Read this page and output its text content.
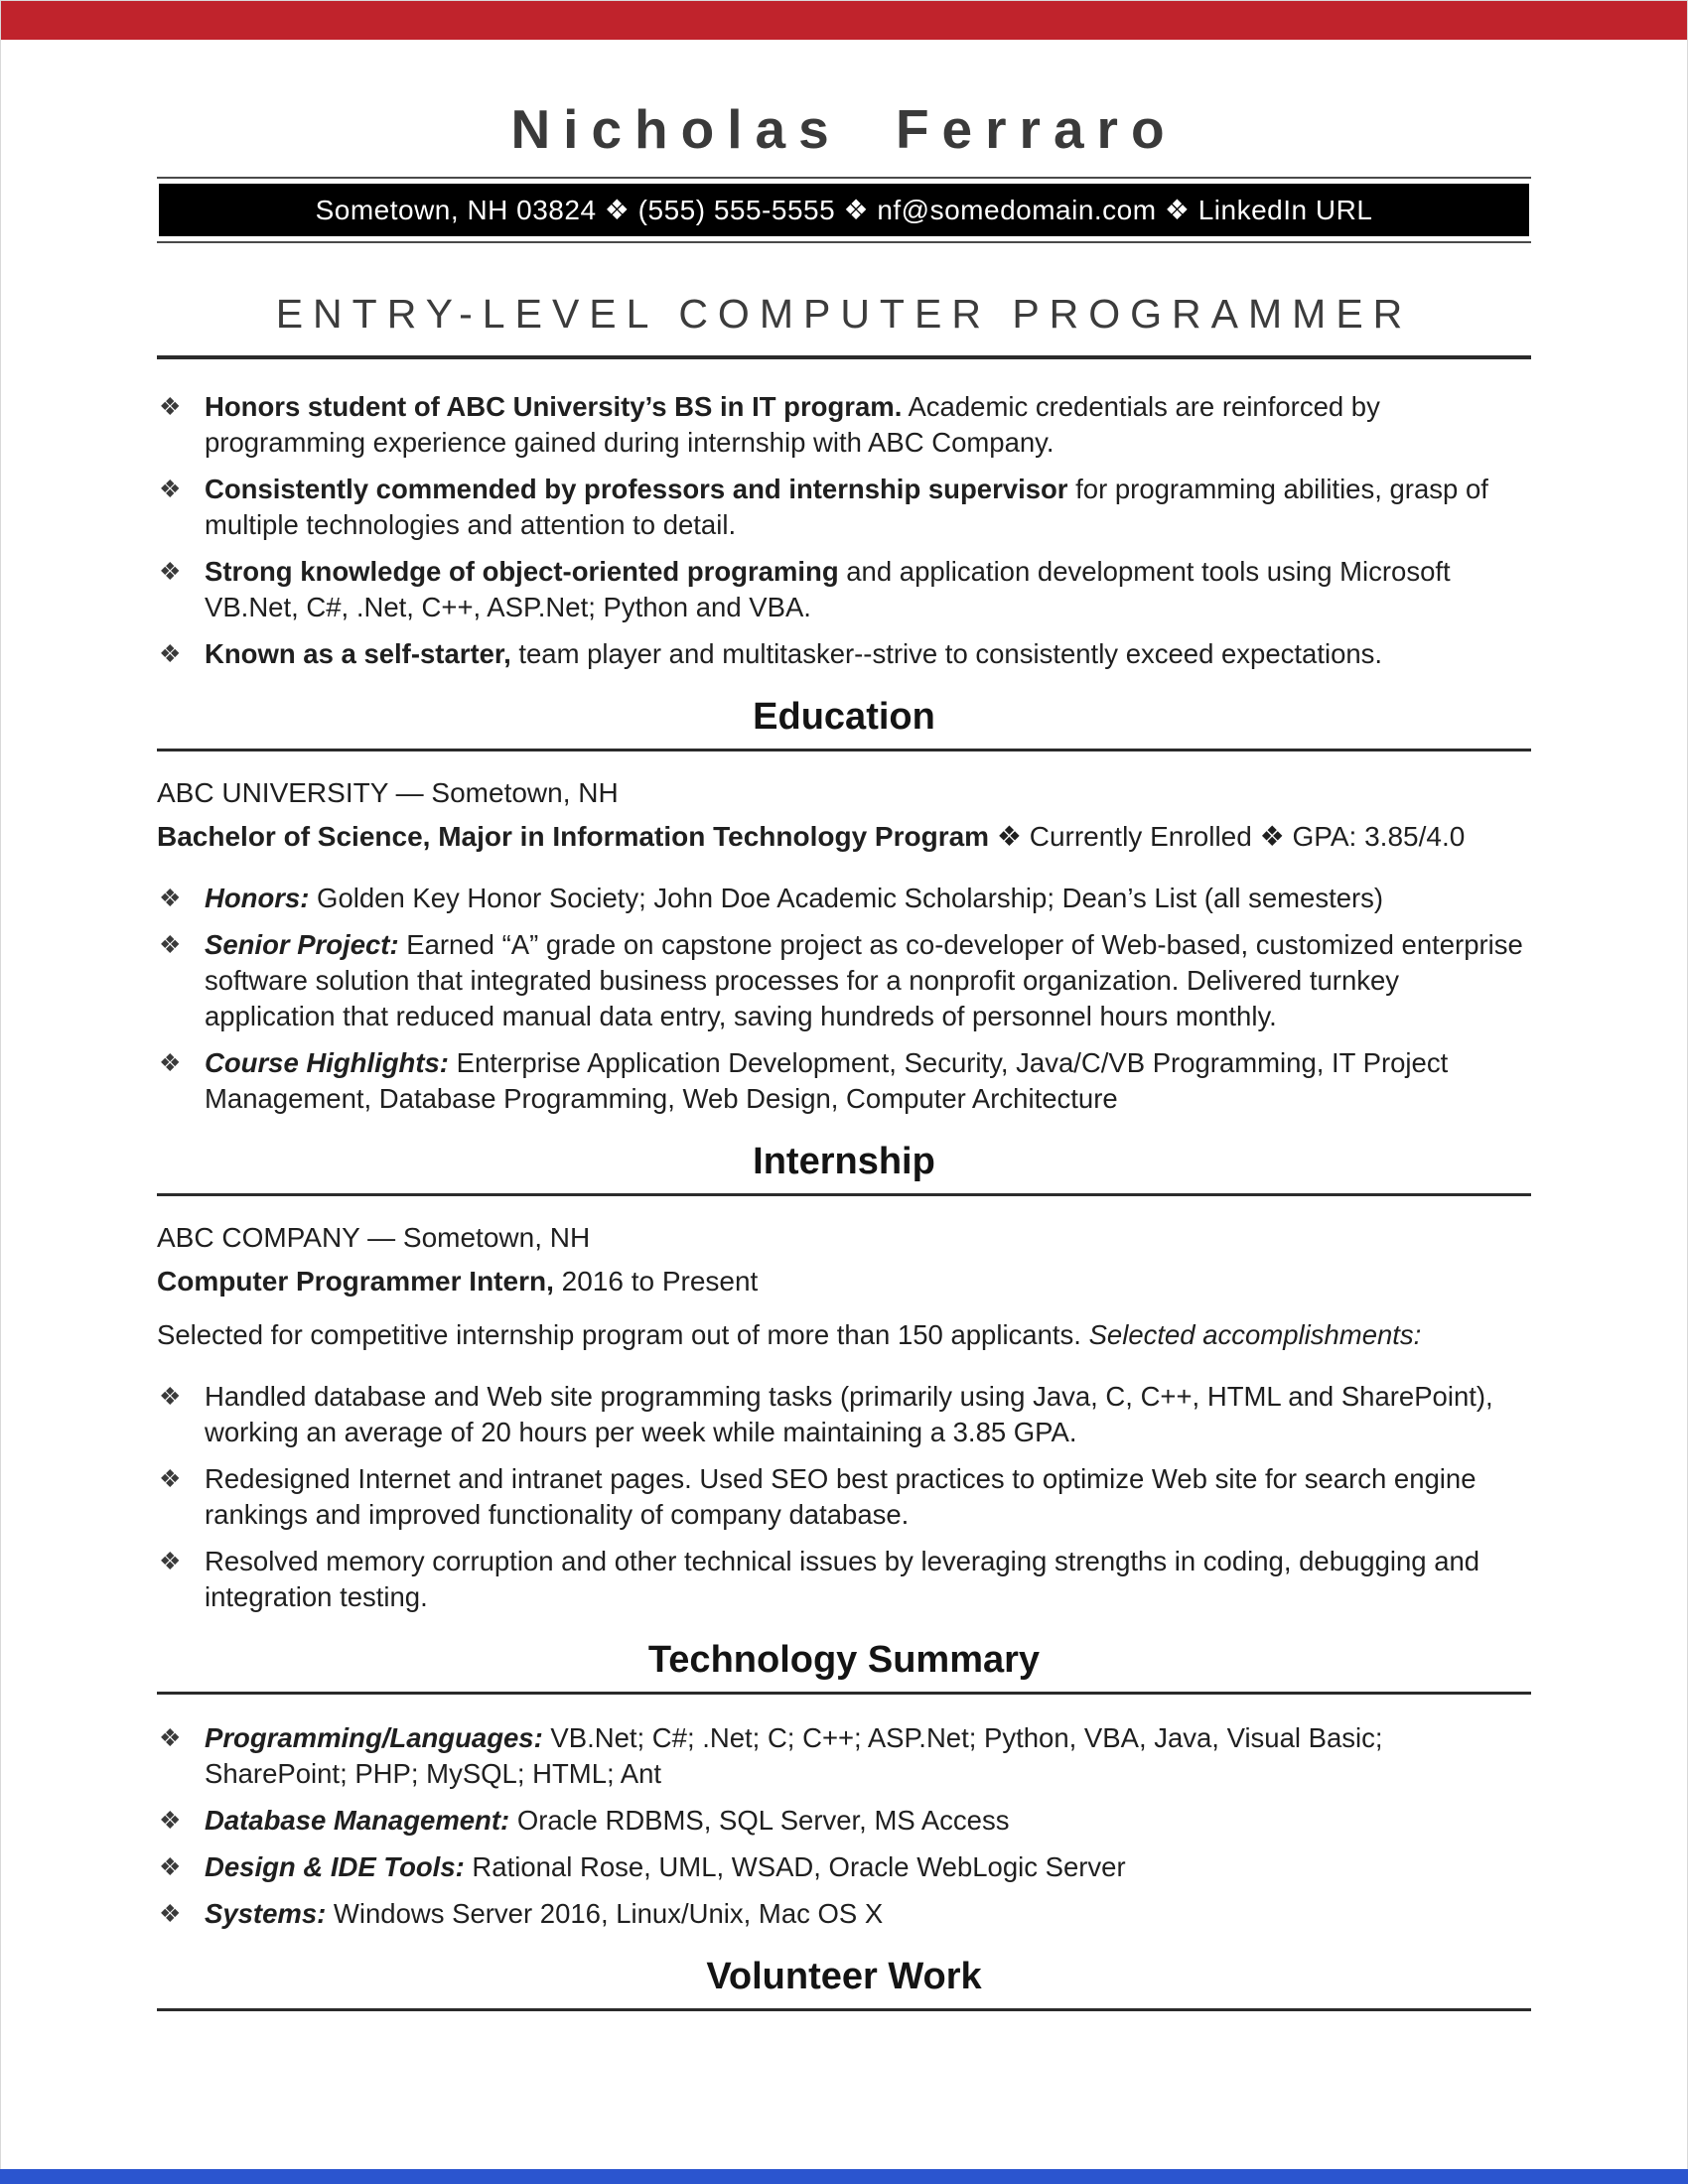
Nicholas Ferraro
Sometown, NH 03824 ❖ (555) 555-5555 ❖ nf@somedomain.com ❖ LinkedIn URL
ENTRY-LEVEL COMPUTER PROGRAMMER
❖ Honors student of ABC University’s BS in IT program. Academic credentials are reinforced by programming experience gained during internship with ABC Company.

❖ Consistently commended by professors and internship supervisor for programming abilities, grasp of multiple technologies and attention to detail.

❖ Strong knowledge of object-oriented programing and application development tools using Microsoft VB.Net, C#, .Net, C++, ASP.Net; Python and VBA.

❖ Known as a self-starter, team player and multitasker--strive to consistently exceed expectations.

Education

ABC UNIVERSITY — Sometown, NH

Bachelor of Science, Major in Information Technology Program ❖ Currently Enrolled ❖ GPA: 3.85/4.0

❖ Honors: Golden Key Honor Society; John Doe Academic Scholarship; Dean’s List (all semesters)

❖ Senior Project: Earned “A” grade on capstone project as co-developer of Web-based, customized enterprise software solution that integrated business processes for a nonprofit organization. Delivered turnkey application that reduced manual data entry, saving hundreds of personnel hours monthly.

❖ Course Highlights: Enterprise Application Development, Security, Java/C/VB Programming, IT Project Management, Database Programming, Web Design, Computer Architecture

Internship

ABC COMPANY — Sometown, NH

Computer Programmer Intern, 2016 to Present

Selected for competitive internship program out of more than 150 applicants. Selected accomplishments:

❖ Handled database and Web site programming tasks (primarily using Java, C, C++, HTML and SharePoint), working an average of 20 hours per week while maintaining a 3.85 GPA.

❖ Redesigned Internet and intranet pages. Used SEO best practices to optimize Web site for search engine rankings and improved functionality of company database.

❖ Resolved memory corruption and other technical issues by leveraging strengths in coding, debugging and integration testing.

Technology Summary
❖ Programming/Languages: VB.Net; C#; .Net; C; C++; ASP.Net; Python, VBA, Java, Visual Basic; SharePoint; PHP; MySQL; HTML; Ant

❖ Database Management: Oracle RDBMS, SQL Server, MS Access

❖ Design & IDE Tools: Rational Rose, UML, WSAD, Oracle WebLogic Server

❖ Systems: Windows Server 2016, Linux/Unix, Mac OS X

Volunteer Work
